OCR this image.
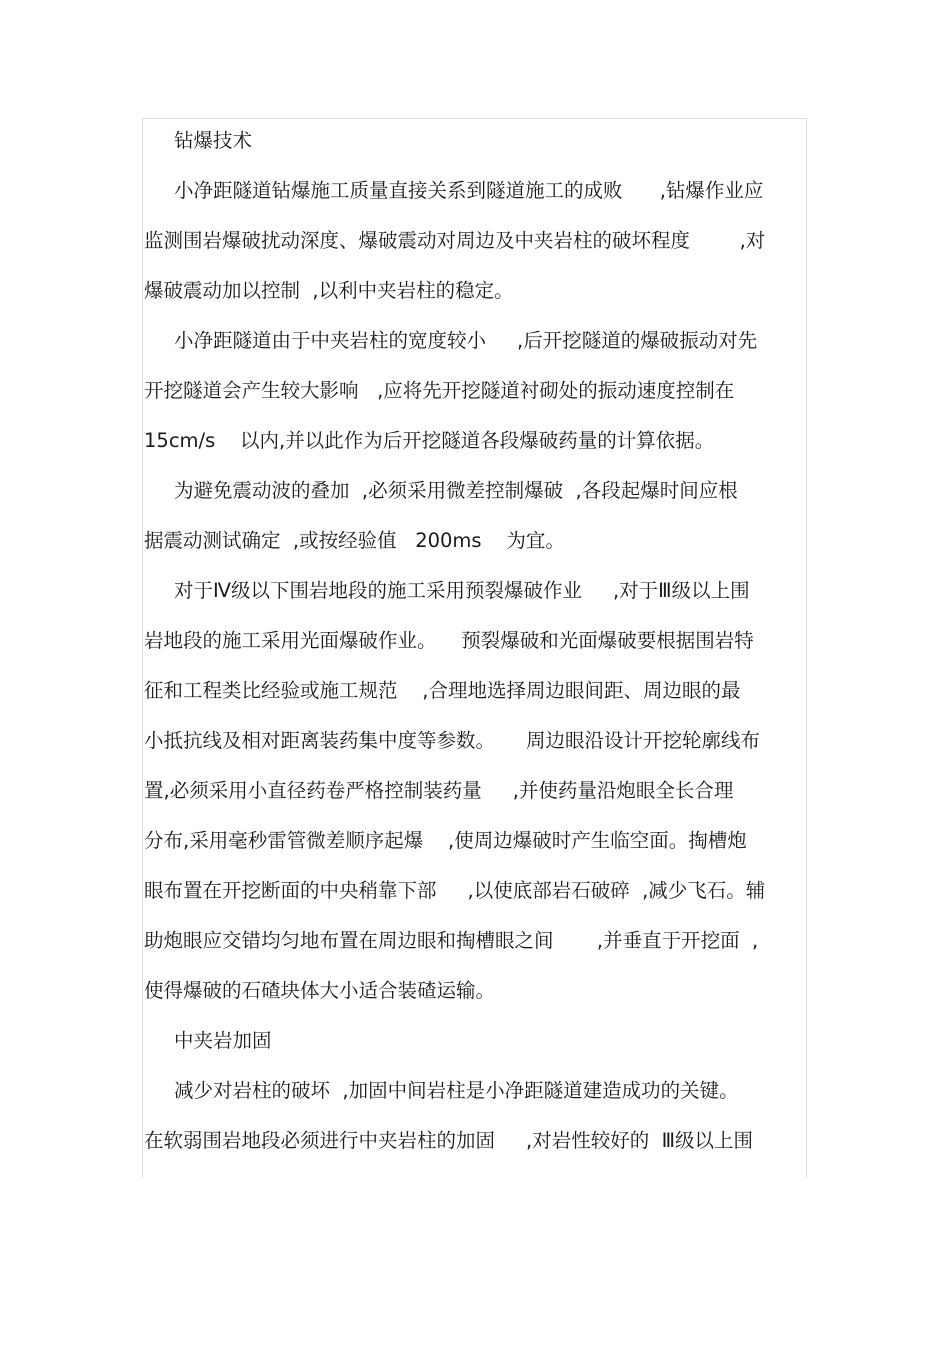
钻爆技术
小净距隧道钻爆施工质量直接关系到隧道施工的成败      ,钻爆作业应
监测围岩爆破扰动深度、爆破震动对周边及中夹岩柱的破坏程度        ,对
爆破震动加以控制  ,以利中夹岩柱的稳定。
小净距隧道由于中夹岩柱的宽度较小     ,后开挖隧道的爆破振动对先
开挖隧道会产生较大影响   ,应将先开挖隧道衬砌处的振动速度控制在
15cm/s    以内,并以此作为后开挖隧道各段爆破药量的计算依据。
为避免震动波的叠加  ,必须采用微差控制爆破  ,各段起爆时间应根
据震动测试确定  ,或按经验值   200ms    为宜。
对于Ⅳ级以下围岩地段的施工采用预裂爆破作业     ,对于Ⅲ级以上围
岩地段的施工采用光面爆破作业。    预裂爆破和光面爆破要根据围岩特
征和工程类比经验或施工规范    ,合理地选择周边眼间距、周边眼的最
小抵抗线及相对距离装药集中度等参数。     周边眼沿设计开挖轮廓线布
置,必须采用小直径药卷严格控制装药量     ,并使药量沿炮眼全长合理
分布,采用毫秒雷管微差顺序起爆    ,使周边爆破时产生临空面。掏槽炮
眼布置在开挖断面的中央稍靠下部     ,以使底部岩石破碎  ,减少飞石。辅
助炮眼应交错均匀地布置在周边眼和掏槽眼之间       ,并垂直于开挖面  ,
使得爆破的石碴块体大小适合装碴运输。
中夹岩加固
减少对岩柱的破坏  ,加固中间岩柱是小净距隧道建造成功的关键。
在软弱围岩地段必须进行中夹岩柱的加固     ,对岩性较好的  Ⅲ级以上围
